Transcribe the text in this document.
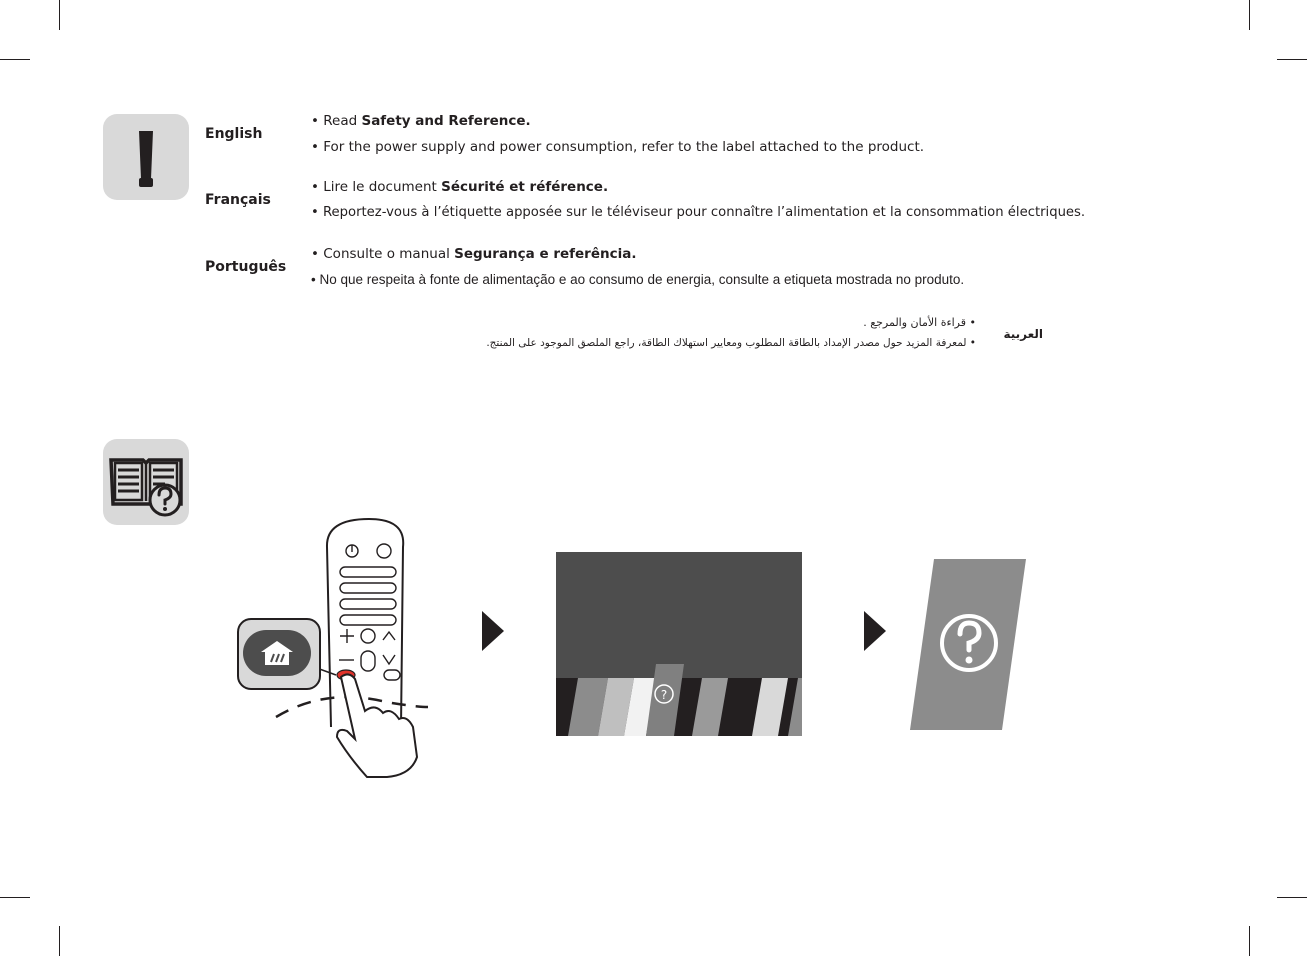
English
• Read Safety and Reference.
• For the power supply and power consumption, refer to the label attached to the product.
Français
• Lire le document Sécurité et référence.
• Reportez-vous à l’étiquette apposée sur le téléviseur pour connaître l’alimentation et la consommation électriques.
Português
• Consulte o manual Segurança e referência.
• No que respeita à fonte de alimentação e ao consumo de energia, consulte a etiqueta mostrada no produto.
العربية
• قراءة الأمان والمرجع .
• لمعرفة المزيد حول مصدر الإمداد بالطاقة المطلوب ومعايير استهلاك الطاقة، راجع الملصق الموجود على المنتج.
?
